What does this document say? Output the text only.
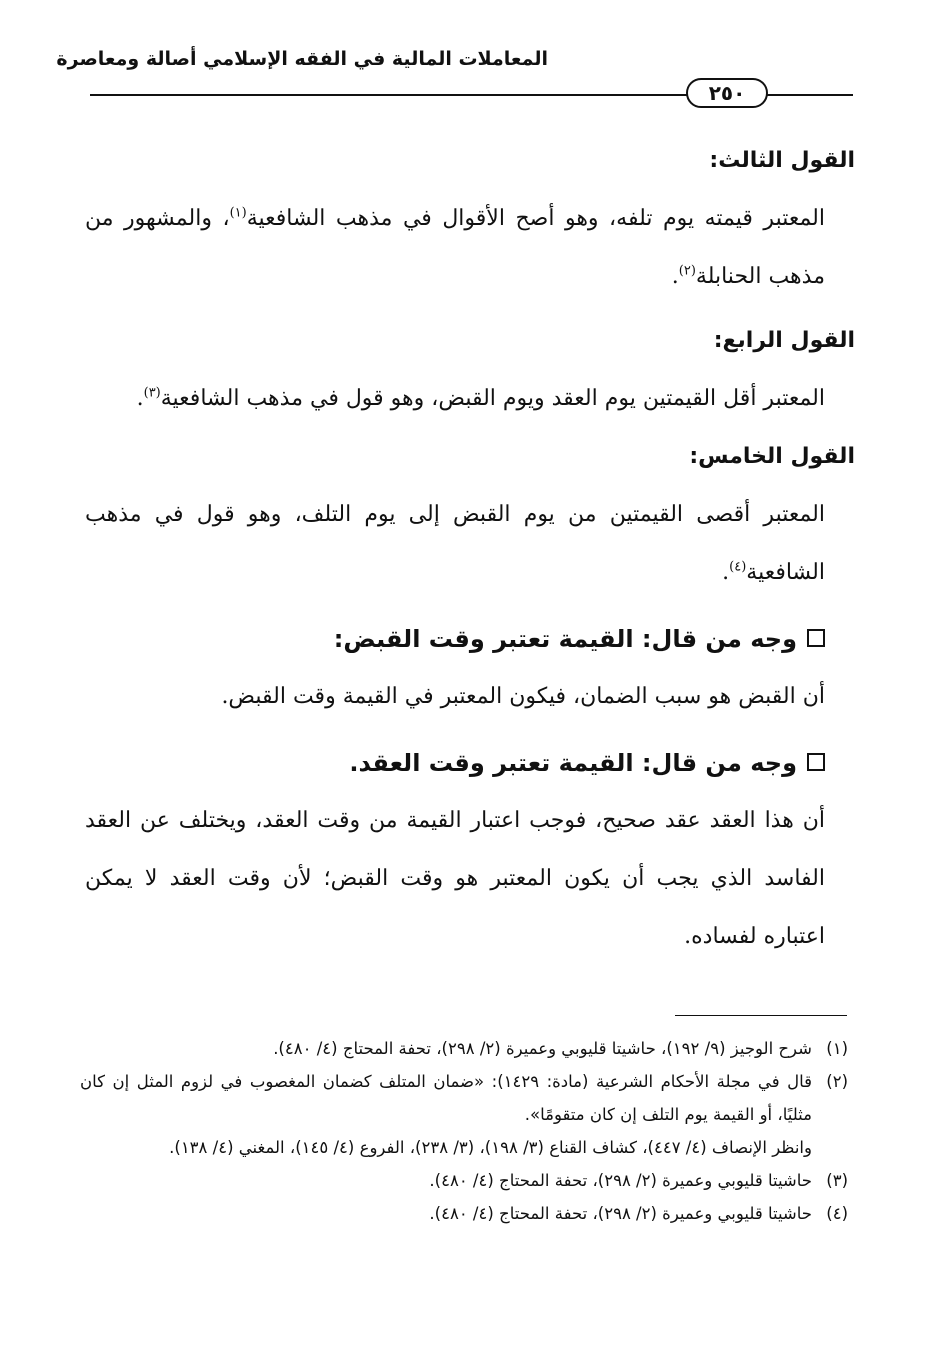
المعاملات المالية في الفقه الإسلامي أصالة ومعاصرة
٢٥٠

القول الثالث:

المعتبر قيمته يوم تلفه، وهو أصح الأقوال في مذهب الشافعية$^{(١)}$، والمشهور من مذهب الحنابلة$^{(٢)}$.

القول الرابع:

المعتبر أقل القيمتين يوم العقد ويوم القبض، وهو قول في مذهب الشافعية$^{(٣)}$.

القول الخامس:

المعتبر أقصى القيمتين من يوم القبض إلى يوم التلف، وهو قول في مذهب الشافعية$^{(٤)}$.

وجه من قال: القيمة تعتبر وقت القبض:

أن القبض هو سبب الضمان، فيكون المعتبر في القيمة وقت القبض.

وجه من قال: القيمة تعتبر وقت العقد.

أن هذا العقد عقد صحيح، فوجب اعتبار القيمة من وقت العقد، ويختلف عن العقد الفاسد الذي يجب أن يكون المعتبر هو وقت القبض؛ لأن وقت العقد لا يمكن اعتباره لفساده.

(١)
شرح الوجيز (٩/ ١٩٢)، حاشيتا قليوبي وعميرة (٢/ ٢٩٨)، تحفة المحتاج (٤/ ٤٨٠).

(٢)
قال في مجلة الأحكام الشرعية (مادة: ١٤٢٩): «ضمان المتلف كضمان المغصوب في لزوم المثل إن كان مثليًا، أو القيمة يوم التلف إن كان متقومًا».

وانظر الإنصاف (٤/ ٤٤٧)، كشاف القناع (٣/ ١٩٨)، (٣/ ٢٣٨)، الفروع (٤/ ١٤٥)، المغني (٤/ ١٣٨).

(٣)
حاشيتا قليوبي وعميرة (٢/ ٢٩٨)، تحفة المحتاج (٤/ ٤٨٠).

(٤)
حاشيتا قليوبي وعميرة (٢/ ٢٩٨)، تحفة المحتاج (٤/ ٤٨٠).
